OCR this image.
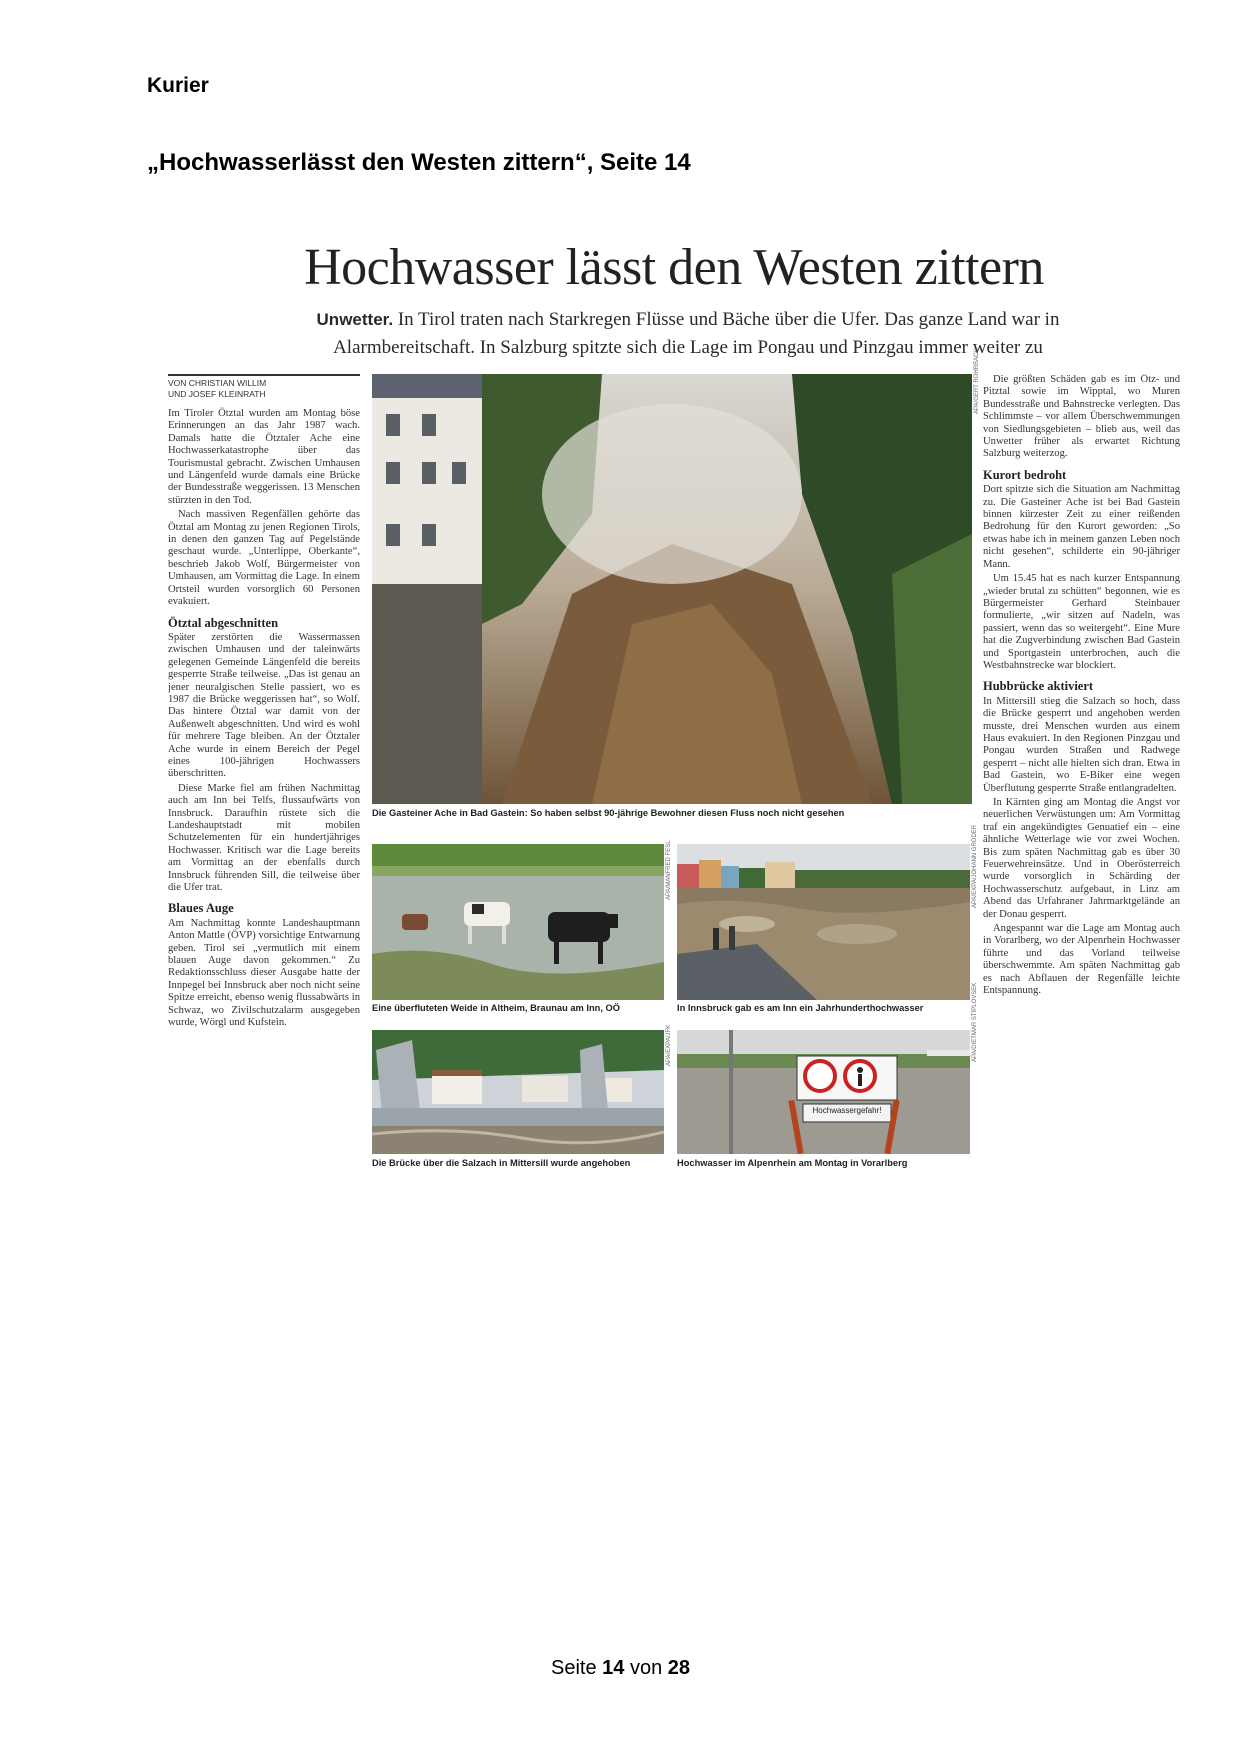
Kurier
„Hochwasserlässt den Westen zittern“, Seite 14
Hochwasser lässt den Westen zittern
Unwetter. In Tirol traten nach Starkregen Flüsse und Bäche über die Ufer. Das ganze Land war in Alarmbereitschaft. In Salzburg spitzte sich die Lage im Pongau und Pinzgau immer weiter zu
VON CHRISTIAN WILLIM
UND JOSEF KLEINRATH

Im Tiroler Ötztal wurden am Montag böse Erinnerungen an das Jahr 1987 wach. Damals hatte die Ötztaler Ache eine Hochwasserkatastrophe über das Tourismustal gebracht. Zwischen Umhausen und Längenfeld wurde damals eine Brücke der Bundesstraße weggerissen. 13 Menschen stürzten in den Tod.

Nach massiven Regenfällen gehörte das Ötztal am Montag zu jenen Regionen Tirols, in denen den ganzen Tag auf Pegelstände geschaut wurde. „Unterlippe, Oberkante“, beschrieb Jakob Wolf, Bürgermeister von Umhausen, am Vormittag die Lage. In einem Ortsteil wurden vorsorglich 60 Personen evakuiert.

Ötztal abgeschnitten

Später zerstörten die Wassermassen zwischen Umhausen und der taleinwärts gelegenen Gemeinde Längenfeld die bereits gesperrte Straße teilweise. „Das ist genau an jener neuralgischen Stelle passiert, wo es 1987 die Brücke weggerissen hat“, so Wolf. Das hintere Ötztal war damit von der Außenwelt abgeschnitten. Und wird es wohl für mehrere Tage bleiben. An der Ötztaler Ache wurde in einem Bereich der Pegel eines 100-jährigen Hochwassers überschritten.

Diese Marke fiel am frühen Nachmittag auch am Inn bei Telfs, flussaufwärts von Innsbruck. Daraufhin rüstete sich die Landeshauptstadt mit mobilen Schutzelementen für ein hundertjähriges Hochwasser. Kritisch war die Lage bereits am Vormittag an der ebenfalls durch Innsbruck führenden Sill, die teilweise über die Ufer trat.

Blaues Auge

Am Nachmittag konnte Landeshauptmann Anton Mattle (ÖVP) vorsichtige Entwarnung geben. Tirol sei „vermutlich mit einem blauen Auge davon gekommen.“ Zu Redaktionsschluss dieser Ausgabe hatte der Innpegel bei Innsbruck aber noch nicht seine Spitze erreicht, ebenso wenig flussabwärts in Schwaz, wo Zivilschutzalarm ausgegeben wurde, Wörgl und Kufstein.

APA/GERT ROHRBACH
Die Gasteiner Ache in Bad Gastein: So haben selbst 90-jährige Bewohner diesen Fluss noch nicht gesehen
APA/MANFRED FESL
Eine überfluteten Weide in Altheim, Braunau am Inn, OÖ
APA/EXPA/JOHANN GRODER
In Innsbruck gab es am Inn ein Jahrhunderthochwasser
APA/EXPA/JFK
Die Brücke über die Salzach in Mittersill wurde angehoben
Hochwassergefahr!
APA/DIETMAR STIPLOVSEK
Hochwasser im Alpenrhein am Montag in Vorarlberg

Die größten Schäden gab es im Ötz- und Pitztal sowie im Wipptal, wo Muren Bundesstraße und Bahnstrecke verlegten. Das Schlimmste – vor allem Überschwemmungen von Siedlungsgebieten – blieb aus, weil das Unwetter früher als erwartet Richtung Salzburg weiterzog.

Kurort bedroht

Dort spitzte sich die Situation am Nachmittag zu. Die Gasteiner Ache ist bei Bad Gastein binnen kürzester Zeit zu einer reißenden Bedrohung für den Kurort geworden: „So etwas habe ich in meinem ganzen Leben noch nicht gesehen“, schilderte ein 90-jähriger Mann.

Um 15.45 hat es nach kurzer Entspannung „wieder brutal zu schütten“ begonnen, wie es Bürgermeister Gerhard Steinbauer formulierte, „wir sitzen auf Nadeln, was passiert, wenn das so weitergeht“. Eine Mure hat die Zugverbindung zwischen Bad Gastein und Sportgastein unterbrochen, auch die Westbahnstrecke war blockiert.

Hubbrücke aktiviert

In Mittersill stieg die Salzach so hoch, dass die Brücke gesperrt und angehoben werden musste, drei Menschen wurden aus einem Haus evakuiert. In den Regionen Pinzgau und Pongau wurden Straßen und Radwege gesperrt – nicht alle hielten sich dran. Etwa in Bad Gastein, wo E-Biker eine wegen Überflutung gesperrte Straße entlangradelten.

In Kärnten ging am Montag die Angst vor neuerlichen Verwüstungen um: Am Vormittag traf ein angekündigtes Genuatief ein – eine ähnliche Wetterlage wie vor zwei Wochen. Bis zum späten Nachmittag gab es über 30 Feuerwehreinsätze. Und in Oberösterreich wurde vorsorglich in Schärding der Hochwasserschutz aufgebaut, in Linz am Abend das Urfahraner Jahrmarktgelände an der Donau gesperrt.

Angespannt war die Lage am Montag auch in Vorarlberg, wo der Alpenrhein Hochwasser führte und das Vorland teilweise überschwemmte. Am späten Nachmittag gab es nach Abflauen der Regenfälle leichte Entspannung.

Seite 14 von 28
